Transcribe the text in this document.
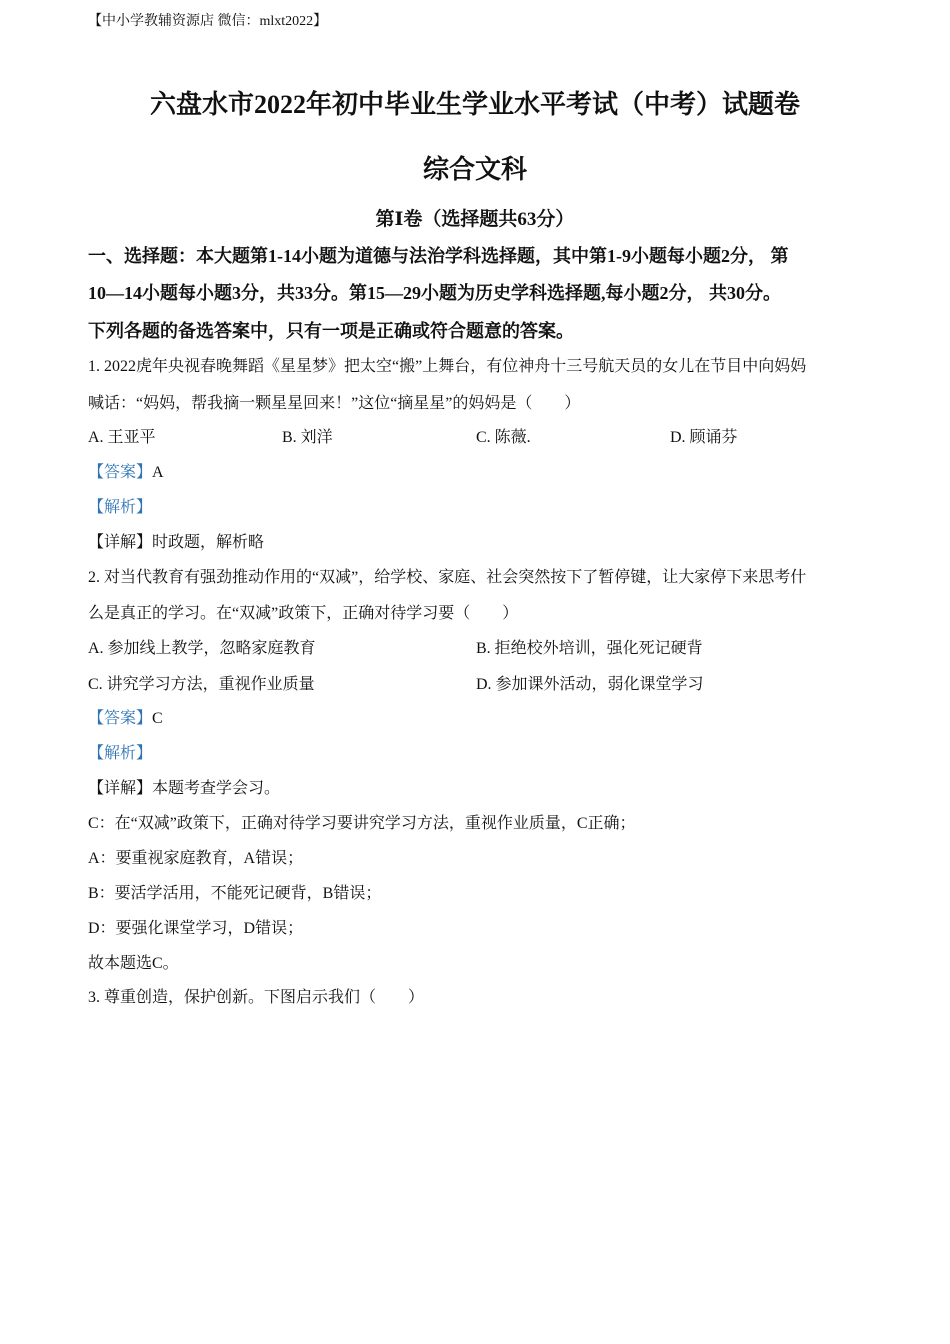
【中小学教辅资源店 微信：mlxt2022】
六盘水市2022年初中毕业生学业水平考试（中考）试题卷
综合文科
第Ⅰ卷（选择题共63分）
一、选择题：本大题第1-14小题为道德与法治学科选择题，其中第1-9小题每小题2分， 第
10—14小题每小题3分，共33分。第15—29小题为历史学科选择题,每小题2分， 共30分。
下列各题的备选答案中，只有一项是正确或符合题意的答案。
1. 2022虎年央视春晚舞蹈《星星梦》把太空“搬”上舞台，有位神舟十三号航天员的女儿在节目中向妈妈
喊话：“妈妈，帮我摘一颗星星回来！”这位“摘星星”的妈妈是（　　）
A. 王亚平	B. 刘洋	C. 陈薇.	D. 顾诵芬
【答案】A
【解析】
【详解】时政题，解析略
2. 对当代教育有强劲推动作用的“双减”，给学校、家庭、社会突然按下了暂停键，让大家停下来思考什
么是真正的学习。在“双减”政策下，正确对待学习要（　　）
A. 参加线上教学，忽略家庭教育	B. 拒绝校外培训，强化死记硬背
C. 讲究学习方法，重视作业质量	D. 参加课外活动，弱化课堂学习
【答案】C
【解析】
【详解】本题考查学会习。
C：在“双减”政策下，正确对待学习要讲究学习方法，重视作业质量，C正确；
A：要重视家庭教育，A错误；
B：要活学活用，不能死记硬背，B错误；
D：要强化课堂学习，D错误；
故本题选C。
3. 尊重创造，保护创新。下图启示我们（　　）
